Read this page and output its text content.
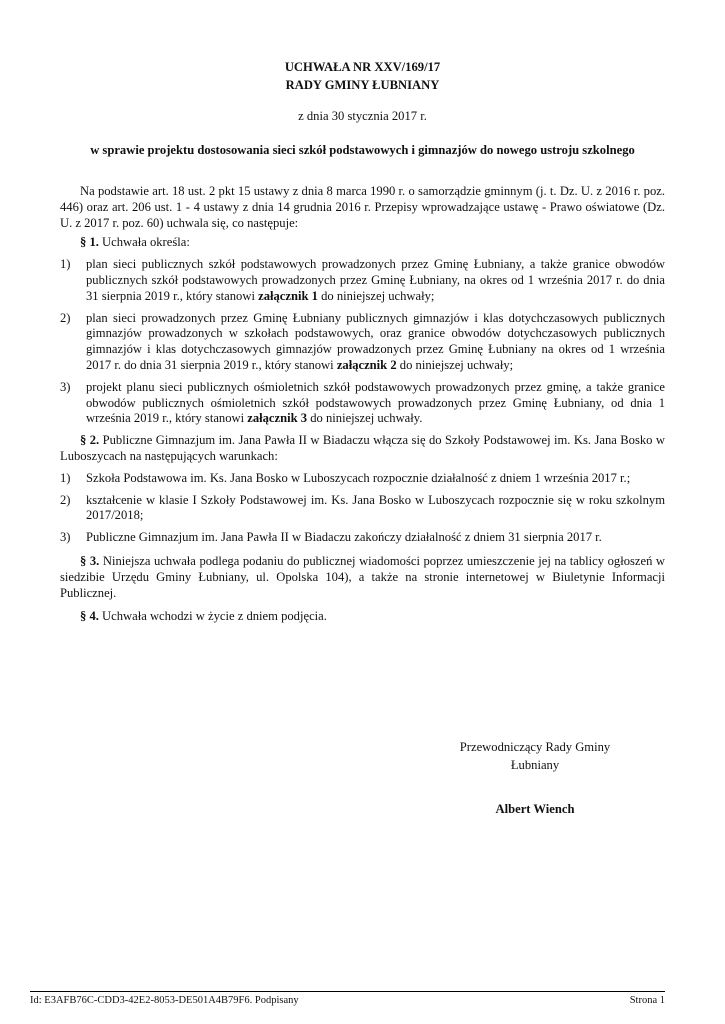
UCHWAŁA NR XXV/169/17
RADY GMINY ŁUBNIANY
z dnia 30 stycznia 2017 r.
w sprawie projektu dostosowania sieci szkół podstawowych i gimnazjów do nowego ustroju szkolnego

Na podstawie art. 18 ust. 2 pkt 15 ustawy z dnia 8 marca 1990 r. o samorządzie gminnym (j. t. Dz. U. z 2016 r. poz. 446) oraz art. 206 ust. 1 - 4 ustawy z dnia 14 grudnia 2016 r. Przepisy wprowadzające ustawę - Prawo oświatowe (Dz. U. z 2017 r. poz. 60) uchwala się, co następuje:

§ 1. Uchwała określa:

1) plan sieci publicznych szkół podstawowych prowadzonych przez Gminę Łubniany, a także granice obwodów publicznych szkół podstawowych prowadzonych przez Gminę Łubniany, na okres od 1 września 2017 r. do dnia 31 sierpnia 2019 r., który stanowi załącznik 1 do niniejszej uchwały;
2) plan sieci prowadzonych przez Gminę Łubniany publicznych gimnazjów i klas dotychczasowych publicznych gimnazjów prowadzonych w szkołach podstawowych, oraz granice obwodów dotychczasowych publicznych gimnazjów i klas dotychczasowych gimnazjów prowadzonych przez Gminę Łubniany na okres od 1 września 2017 r. do dnia 31 sierpnia 2019 r., który stanowi załącznik 2 do niniejszej uchwały;
3) projekt planu sieci publicznych ośmioletnich szkół podstawowych prowadzonych przez gminę, a także granice obwodów publicznych ośmioletnich szkół podstawowych prowadzonych przez Gminę Łubniany, od dnia 1 września 2019 r., który stanowi załącznik 3 do niniejszej uchwały.

§ 2. Publiczne Gimnazjum im. Jana Pawła II w Biadaczu włącza się do Szkoły Podstawowej im. Ks. Jana Bosko w Luboszycach na następujących warunkach:

1) Szkoła Podstawowa im. Ks. Jana Bosko w Luboszycach rozpocznie działalność z dniem 1 września 2017 r.;
2) kształcenie w klasie I Szkoły Podstawowej im. Ks. Jana Bosko w Luboszycach rozpocznie się w roku szkolnym 2017/2018;
3) Publiczne Gimnazjum im. Jana Pawła II w Biadaczu zakończy działalność z dniem 31 sierpnia 2017 r.

§ 3. Niniejsza uchwała podlega podaniu do publicznej wiadomości poprzez umieszczenie jej na tablicy ogłoszeń w siedzibie Urzędu Gminy Łubniany, ul. Opolska 104), a także na stronie internetowej w Biuletynie Informacji Publicznej.

§ 4. Uchwała wchodzi w życie z dniem podjęcia.

Przewodniczący Rady Gminy
Łubniany
Albert Wiench
Id: E3AFB76C-CDD3-42E2-8053-DE501A4B79F6. Podpisany	Strona 1
